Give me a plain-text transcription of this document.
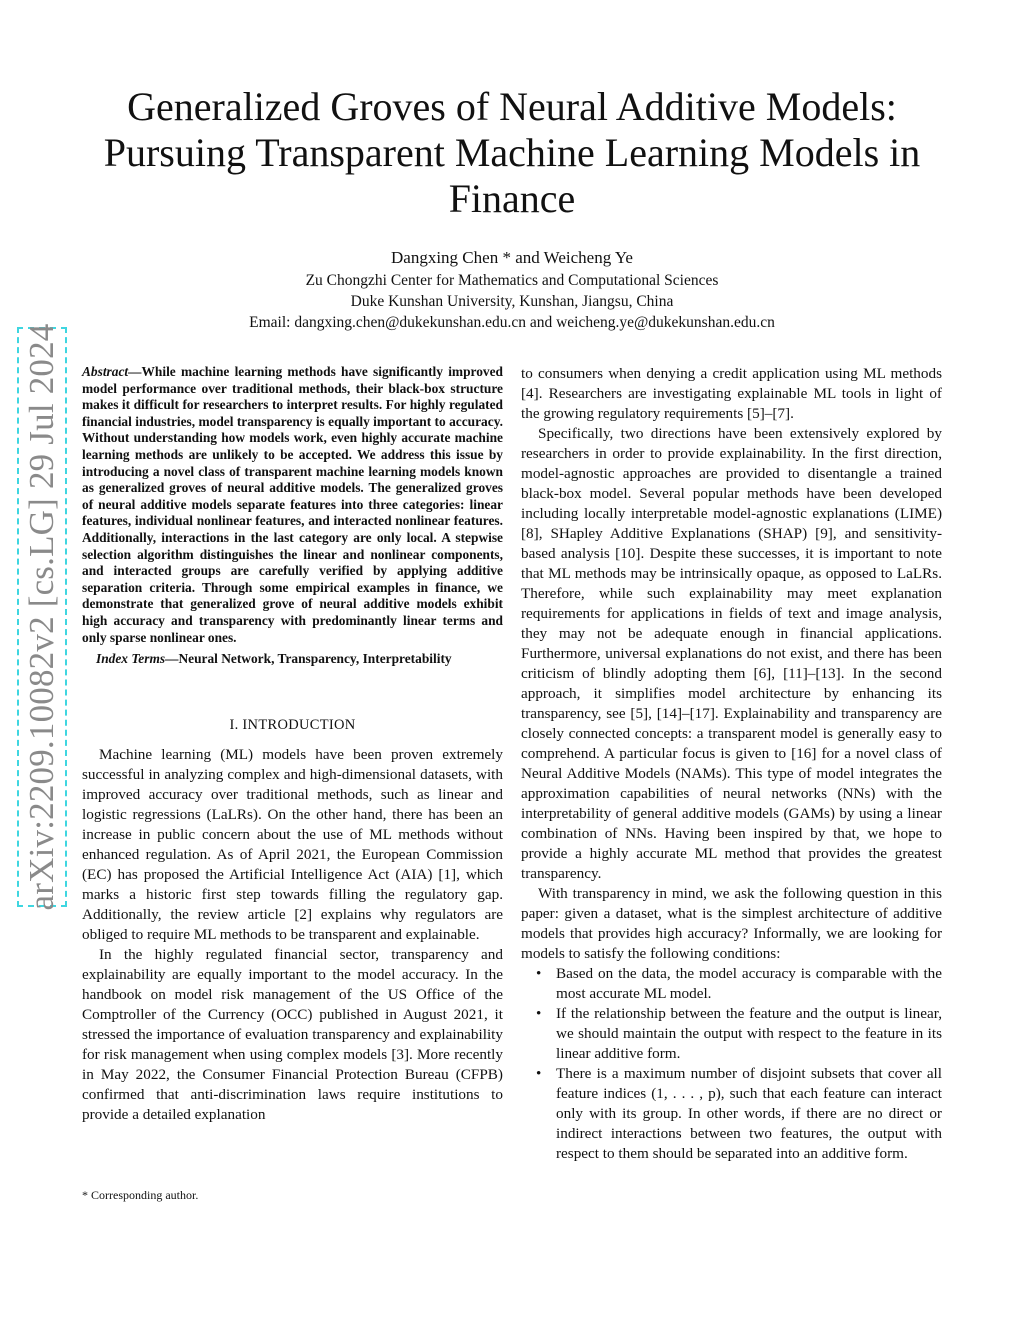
arXiv:2209.10082v2 [cs.LG] 29 Jul 2024
Generalized Groves of Neural Additive Models: Pursuing Transparent Machine Learning Models in Finance
Dangxing Chen * and Weicheng Ye
Zu Chongzhi Center for Mathematics and Computational Sciences
Duke Kunshan University, Kunshan, Jiangsu, China
Email: dangxing.chen@dukekunshan.edu.cn and weicheng.ye@dukekunshan.edu.cn

Abstract—While machine learning methods have significantly improved model performance over traditional methods, their black-box structure makes it difficult for researchers to interpret results. For highly regulated financial industries, model transparency is equally important to accuracy. Without understanding how models work, even highly accurate machine learning methods are unlikely to be accepted. We address this issue by introducing a novel class of transparent machine learning models known as generalized groves of neural additive models. The generalized groves of neural additive models separate features into three categories: linear features, individual nonlinear features, and interacted nonlinear features. Additionally, interactions in the last category are only local. A stepwise selection algorithm distinguishes the linear and nonlinear components, and interacted groups are carefully verified by applying additive separation criteria. Through some empirical examples in finance, we demonstrate that generalized grove of neural additive models exhibit high accuracy and transparency with predominantly linear terms and only sparse nonlinear ones.

Index Terms—Neural Network, Transparency, Interpretability

I. INTRODUCTION

Machine learning (ML) models have been proven extremely successful in analyzing complex and high-dimensional datasets, with improved accuracy over traditional methods, such as linear and logistic regressions (LaLRs). On the other hand, there has been an increase in public concern about the use of ML methods without enhanced regulation. As of April 2021, the European Commission (EC) has proposed the Artificial Intelligence Act (AIA) [1], which marks a historic first step towards filling the regulatory gap. Additionally, the review article [2] explains why regulators are obliged to require ML methods to be transparent and explainable.

In the highly regulated financial sector, transparency and explainability are equally important to the model accuracy. In the handbook on model risk management of the US Office of the Comptroller of the Currency (OCC) published in August 2021, it stressed the importance of evaluation transparency and explainability for risk management when using complex models [3]. More recently in May 2022, the Consumer Financial Protection Bureau (CFPB) confirmed that anti-discrimination laws require institutions to provide a detailed explanation

* Corresponding author.

to consumers when denying a credit application using ML methods [4]. Researchers are investigating explainable ML tools in light of the growing regulatory requirements [5]–[7].

Specifically, two directions have been extensively explored by researchers in order to provide explainability. In the first direction, model-agnostic approaches are provided to disentangle a trained black-box model. Several popular methods have been developed including locally interpretable model-agnostic explanations (LIME) [8], SHapley Additive Explanations (SHAP) [9], and sensitivity-based analysis [10]. Despite these successes, it is important to note that ML methods may be intrinsically opaque, as opposed to LaLRs. Therefore, while such explainability may meet explanation requirements for applications in fields of text and image analysis, they may not be adequate enough in financial applications. Furthermore, universal explanations do not exist, and there has been criticism of blindly adopting them [6], [11]–[13]. In the second approach, it simplifies model architecture by enhancing its transparency, see [5], [14]–[17]. Explainability and transparency are closely connected concepts: a transparent model is generally easy to comprehend. A particular focus is given to [16] for a novel class of Neural Additive Models (NAMs). This type of model integrates the approximation capabilities of neural networks (NNs) with the interpretability of general additive models (GAMs) by using a linear combination of NNs. Having been inspired by that, we hope to provide a highly accurate ML method that provides the greatest transparency.

With transparency in mind, we ask the following question in this paper: given a dataset, what is the simplest architecture of additive models that provides high accuracy? Informally, we are looking for models to satisfy the following conditions:

• Based on the data, the model accuracy is comparable with the most accurate ML model.
• If the relationship between the feature and the output is linear, we should maintain the output with respect to the feature in its linear additive form.
• There is a maximum number of disjoint subsets that cover all feature indices (1, . . . , p), such that each feature can interact only with its group. In other words, if there are no direct or indirect interactions between two features, the output with respect to them should be separated into an additive form.
